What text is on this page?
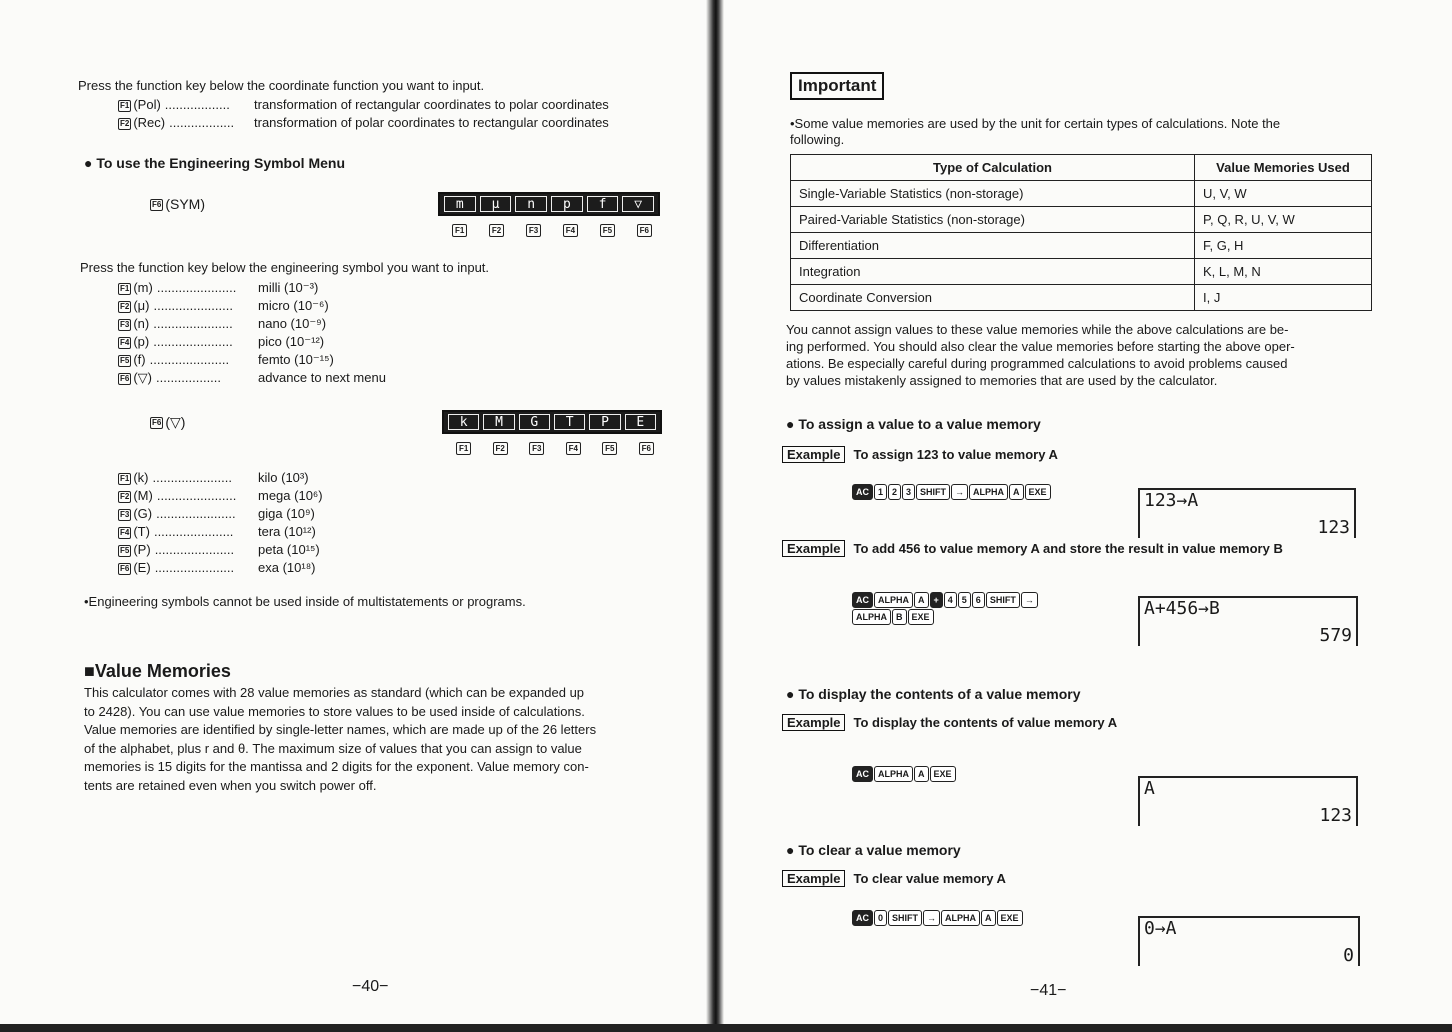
Press the function key below the coordinate function you want to input.
F1 (Pol) .................. transformation of rectangular coordinates to polar coordinates
F2 (Rec) .................. transformation of polar coordinates to rectangular coordinates
● To use the Engineering Symbol Menu
F6 (SYM)	m	μ	n	p	f	▽
F1	F2	F3	F4	F5	F6
Press the function key below the engineering symbol you want to input.
F1 (m) ...................... milli (10⁻³)
F2 (μ) ...................... micro (10⁻⁶)
F3 (n) ...................... nano (10⁻⁹)
F4 (p) ...................... pico (10⁻¹²)
F5 (f) ...................... femto (10⁻¹⁵)
F6 (▽) ..................	advance to next menu
F6 (▽)	k	M	G	T	P	E
F1	F2	F3	F4	F5	F6
F1 (k) ...................... kilo (10³)
F2 (M) ...................... mega (10⁶)
F3 (G) ...................... giga (10⁹)
F4 (T) ...................... tera (10¹²)
F5 (P) ...................... peta (10¹⁵)
F6 (E) ...................... exa (10¹⁸)
•Engineering symbols cannot be used inside of multistatements or programs.
■Value Memories
This calculator comes with 28 value memories as standard (which can be expanded up
to 2428). You can use value memories to store values to be used inside of calculations.
Value memories are identified by single-letter names, which are made up of the 26 letters
of the alphabet, plus r and θ. The maximum size of values that you can assign to value
memories is 15 digits for the mantissa and 2 digits for the exponent. Value memory con-
tents are retained even when you switch power off.
−40−
Important
•Some value memories are used by the unit for certain types of calculations. Note the
following.
Type of Calculation	Value Memories Used
Single-Variable Statistics (non-storage)	U, V, W
Paired-Variable Statistics (non-storage)	P, Q, R, U, V, W
Differentiation	F, G, H
Integration	K, L, M, N
Coordinate Conversion	I, J
You cannot assign values to these value memories while the above calculations are be-
ing performed. You should also clear the value memories before starting the above oper-
ations. Be especially careful during programmed calculations to avoid problems caused
by values mistakenly assigned to memories that are used by the calculator.
● To assign a value to a value memory
Example To assign 123 to value memory A
AC	1	2	3	SHIFT	→	ALPHA	A	EXE	123→A
123
Example To add 456 to value memory A and store the result in value memory B
AC	ALPHA	A	+	4	5	6	SHIFT	→
ALPHA	B	EXE	A+456→B
579
● To display the contents of a value memory
Example To display the contents of value memory A
AC	ALPHA	A	EXE
A
123
● To clear a value memory
Example To clear value memory A
AC	0	SHIFT	→	ALPHA	A	EXE	0→A
0
−41−
